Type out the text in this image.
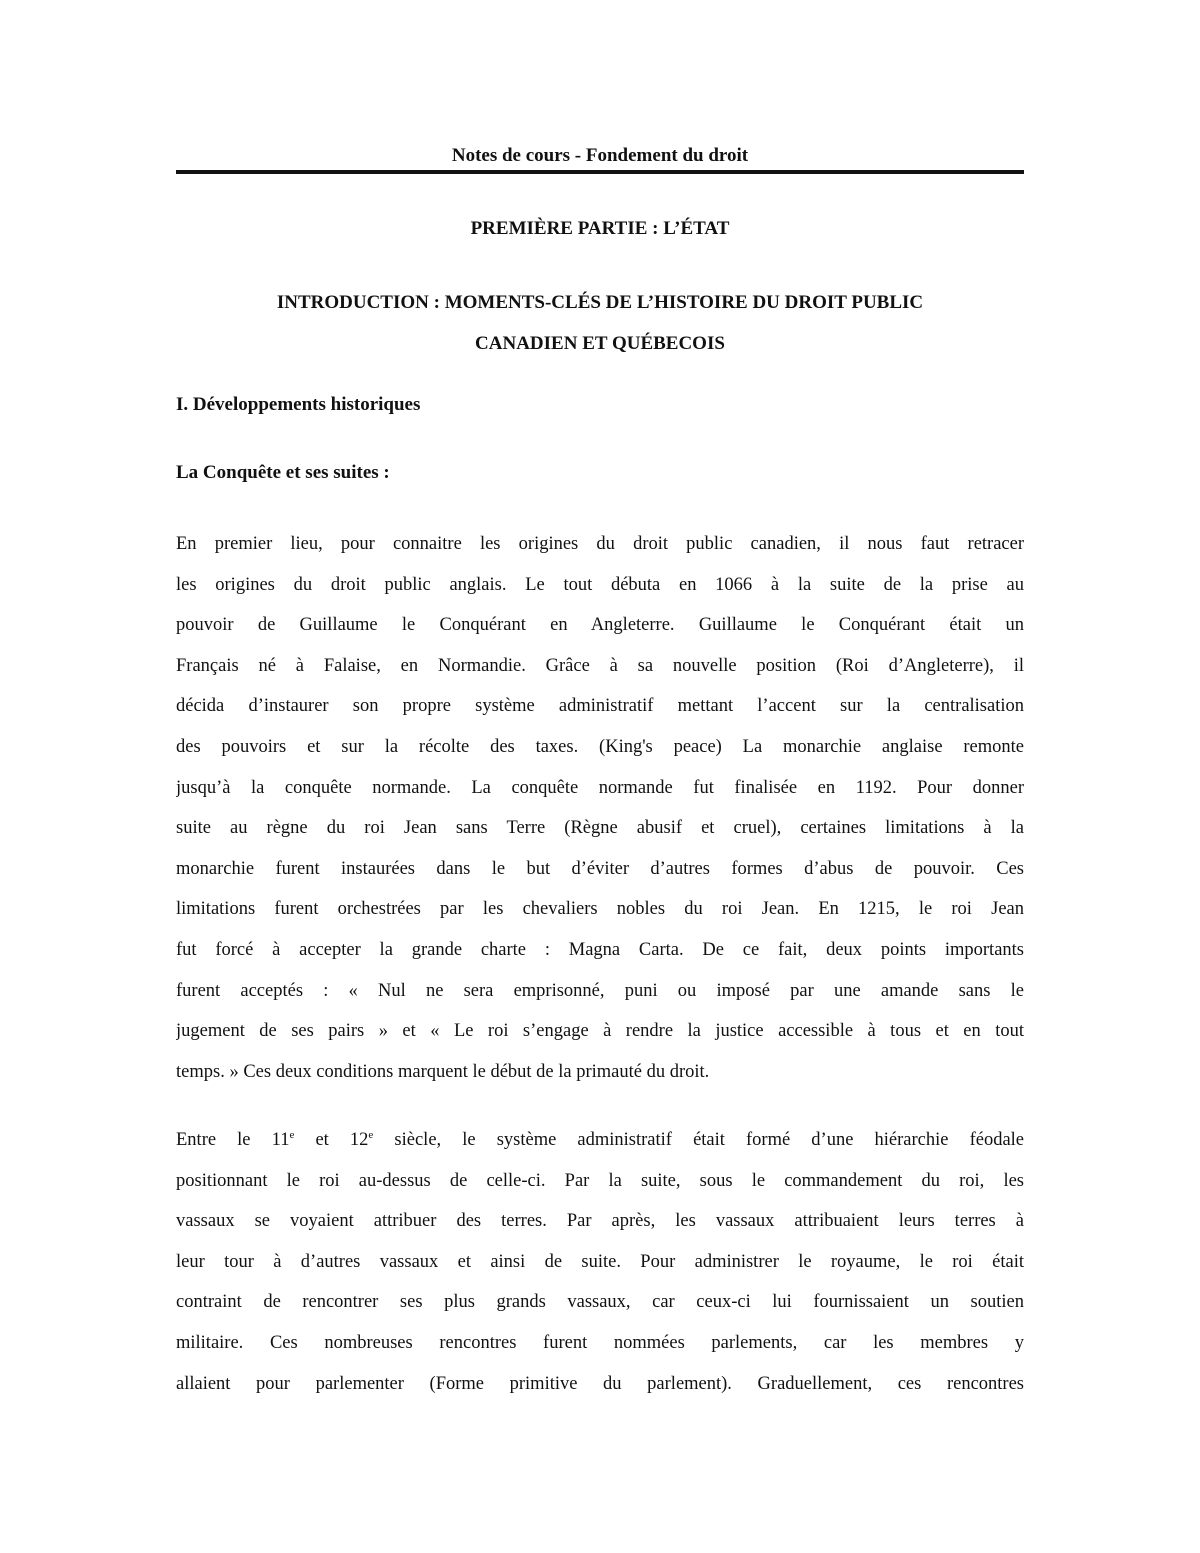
Notes de cours - Fondement du droit
PREMIÈRE PARTIE : L’ÉTAT
INTRODUCTION : MOMENTS-CLÉS DE L’HISTOIRE DU DROIT PUBLIC
CANADIEN ET QUÉBECOIS
I. Développements historiques
La Conquête et ses suites :
En premier lieu, pour connaitre les origines du droit public canadien, il nous faut retracer
les origines du droit public anglais. Le tout débuta en 1066 à la suite de la prise au
pouvoir de Guillaume le Conquérant en Angleterre. Guillaume le Conquérant était un
Français né à Falaise, en Normandie. Grâce à sa nouvelle position (Roi d’Angleterre), il
décida d’instaurer son propre système administratif mettant l’accent sur la centralisation
des pouvoirs et sur la récolte des taxes. (King's peace) La monarchie anglaise remonte
jusqu’à la conquête normande. La conquête normande fut finalisée en 1192. Pour donner
suite au règne du roi Jean sans Terre (Règne abusif et cruel), certaines limitations à la
monarchie furent instaurées dans le but d’éviter d’autres formes d’abus de pouvoir. Ces
limitations furent orchestrées par les chevaliers nobles du roi Jean. En 1215, le roi Jean
fut forcé à accepter la grande charte : Magna Carta. De ce fait, deux points importants
furent acceptés : « Nul ne sera emprisonné, puni ou imposé par une amande sans le
jugement de ses pairs » et « Le roi s’engage à rendre la justice accessible à tous et en tout
temps. » Ces deux conditions marquent le début de la primauté du droit.
Entre le 11e et 12e siècle, le système administratif était formé d’une hiérarchie féodale
positionnant le roi au-dessus de celle-ci. Par la suite, sous le commandement du roi, les
vassaux se voyaient attribuer des terres. Par après, les vassaux attribuaient leurs terres à
leur tour à d’autres vassaux et ainsi de suite. Pour administrer le royaume, le roi était
contraint de rencontrer ses plus grands vassaux, car ceux-ci lui fournissaient un soutien
militaire. Ces nombreuses rencontres furent nommées parlements, car les membres y
allaient pour parlementer (Forme primitive du parlement). Graduellement, ces rencontres
